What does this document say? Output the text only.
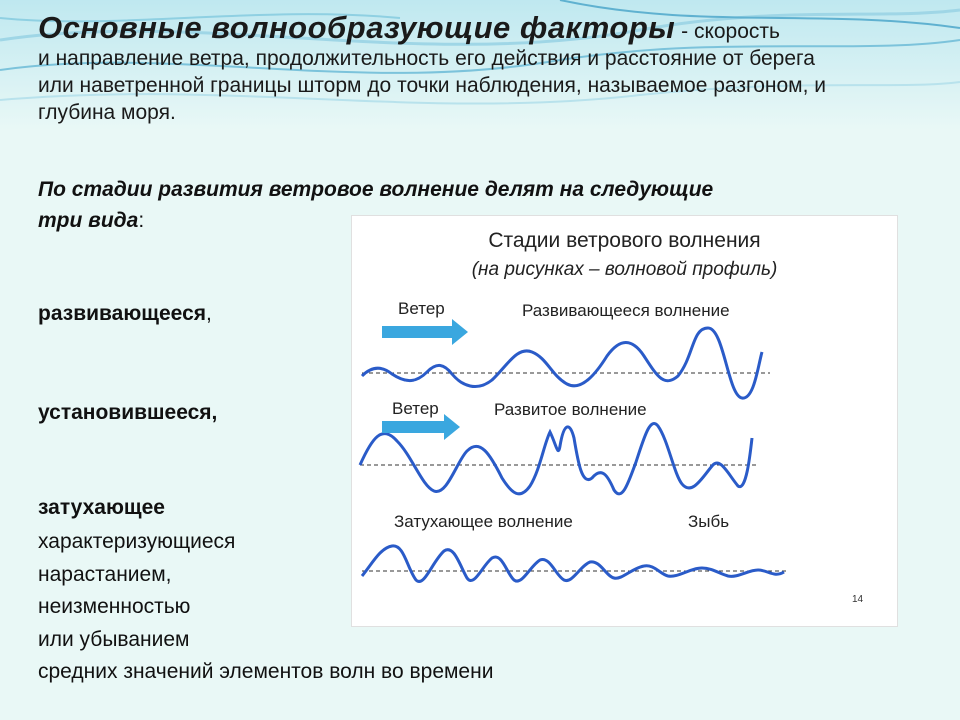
Основные волнообразующие факторы - скорость
и направление ветра, продолжительность его действия и расстояние от берега
или наветренной границы шторм до точки наблюдения, называемое разгоном, и
глубина моря.
По стадии развития ветровое волнение делят на следующие
три вида:
развивающееся,
установившееся,
затухающее
характеризующиеся
нарастанием,
неизменностью
или убыванием
средних значений элементов волн во времени
Стадии ветрового волнения
(на рисунках – волновой профиль)
Ветер	Развивающееся волнение
Ветер	Развитое волнение
Затухающее волнение	Зыбь
14
